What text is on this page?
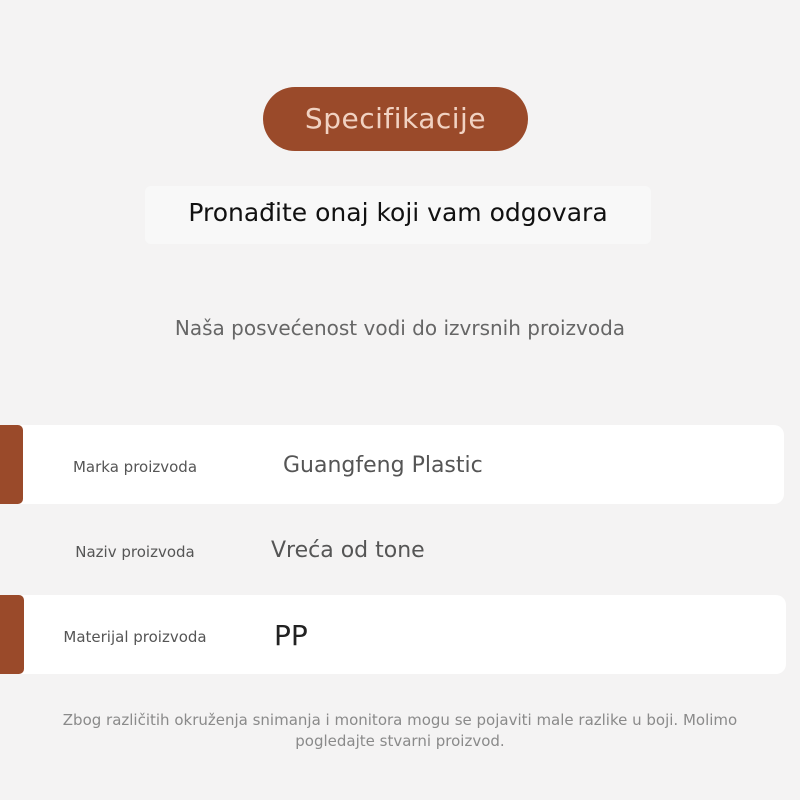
Specifikacije
Pronađite onaj koji vam odgovara
Naša posvećenost vodi do izvrsnih proizvoda
Marka proizvoda	Guangfeng Plastic
Naziv proizvoda	Vreća od tone
Materijal proizvoda	PP
Zbog različitih okruženja snimanja i monitora mogu se pojaviti male razlike u boji. Molimo pogledajte stvarni proizvod.
